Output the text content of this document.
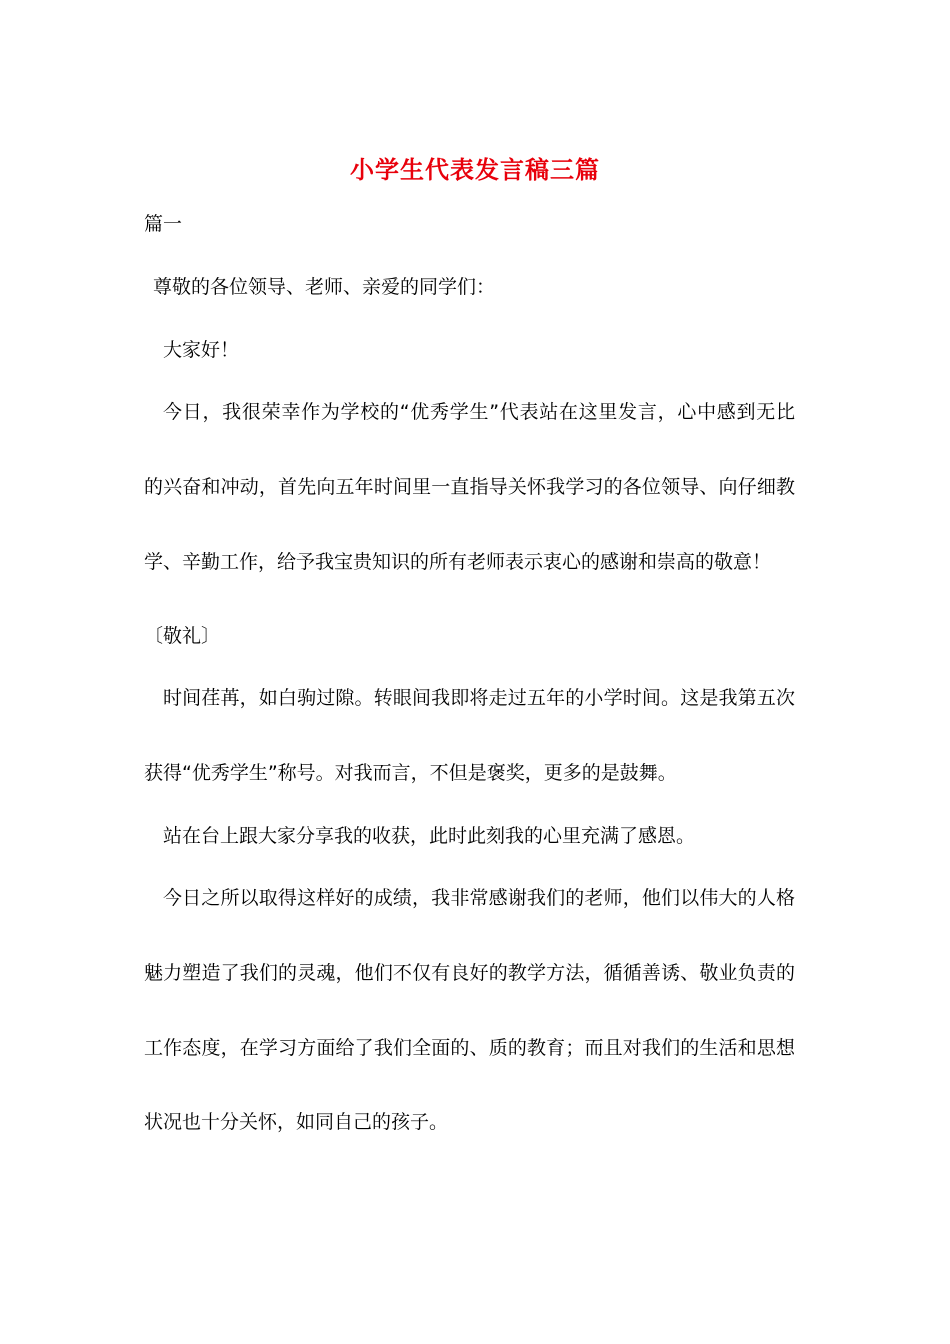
小学生代表发言稿三篇
篇一
尊敬的各位领导、老师、亲爱的同学们：
大家好！
今日，我很荣幸作为学校的“优秀学生”代表站在这里发言，心中感到无比
的兴奋和冲动，首先向五年时间里一直指导关怀我学习的各位领导、向仔细教
学、辛勤工作，给予我宝贵知识的所有老师表示衷心的感谢和崇高的敬意！
〔敬礼〕
时间荏苒，如白驹过隙。转眼间我即将走过五年的小学时间。这是我第五次
获得“优秀学生”称号。对我而言，不但是褒奖，更多的是鼓舞。
站在台上跟大家分享我的收获，此时此刻我的心里充满了感恩。
今日之所以取得这样好的成绩，我非常感谢我们的老师，他们以伟大的人格
魅力塑造了我们的灵魂，他们不仅有良好的教学方法，循循善诱、敬业负责的
工作态度，在学习方面给了我们全面的、质的教育；而且对我们的生活和思想
状况也十分关怀，如同自己的孩子。
